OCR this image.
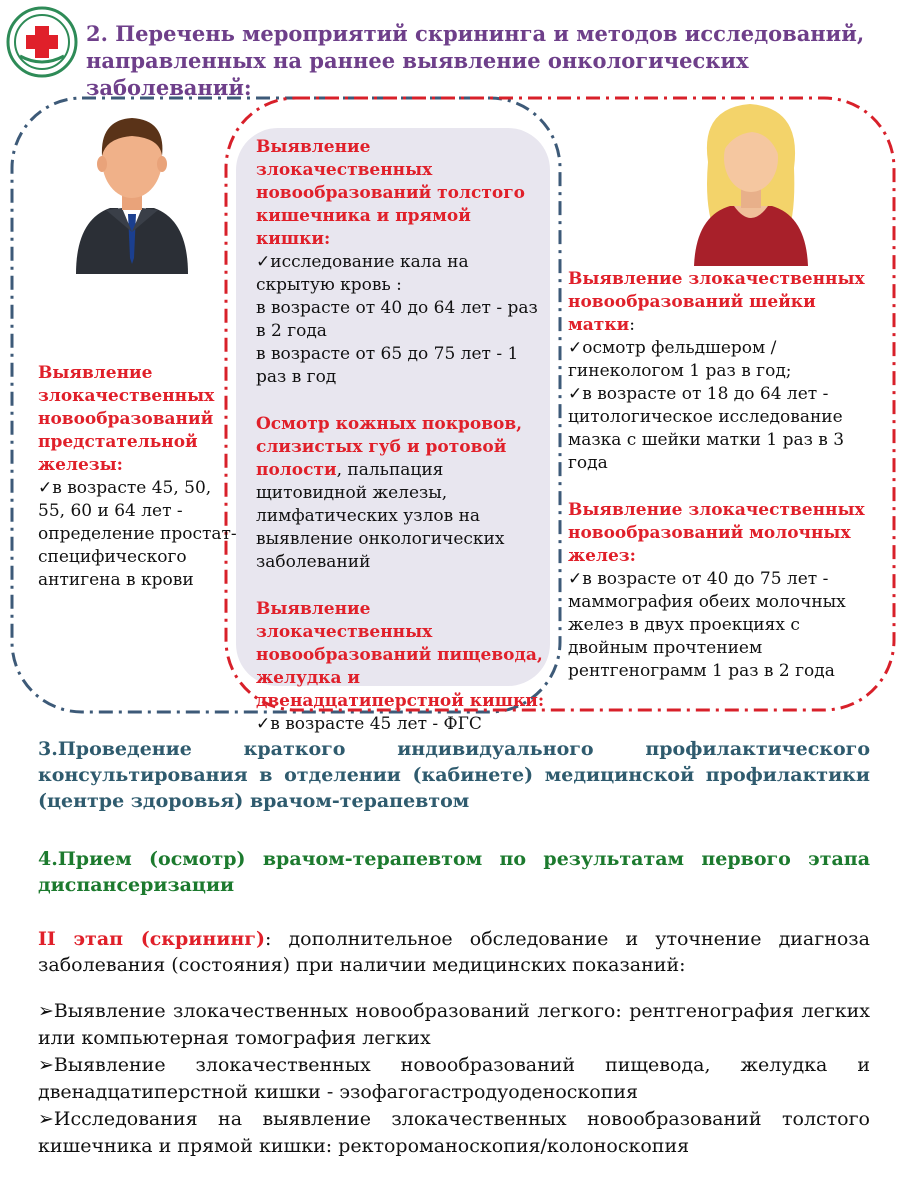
2. Перечень мероприятий скрининга и методов исследований,
направленных на раннее выявление онкологических заболеваний:
Выявление злокачественных новообразований предстательной железы:
✓в возрасте 45, 50, 55, 60 и 64 лет - определение простат-специфического антигена в крови
Выявление злокачественных новообразований толстого кишечника и прямой кишки:
✓исследование кала на скрытую кровь :
в возрасте от 40 до 64 лет - раз в 2 года
в возрасте от 65 до 75 лет - 1 раз в год
Осмотр кожных покровов, слизистых губ и ротовой полости, пальпация щитовидной железы, лимфатических узлов на выявление онкологических заболеваний
Выявление злокачественных новообразований пищевода, желудка и двенадцатиперстной кишки:
✓в возрасте 45 лет - ФГС
Выявление злокачественных новообразований шейки матки:
✓осмотр фельдшером / гинекологом 1 раз в год;
✓в возрасте от 18 до 64 лет - цитологическое исследование мазка с шейки матки 1 раз в 3 года
Выявление злокачественных новообразований молочных желез:
✓в возрасте от 40 до 75 лет - маммография обеих молочных желез в двух проекциях с двойным прочтением рентгенограмм 1 раз в 2 года
3.Проведение краткого индивидуального профилактического консультирования в отделении (кабинете) медицинской профилактики (центре здоровья) врачом-терапевтом
4.Прием (осмотр) врачом-терапевтом по результатам первого этапа диспансеризации
II этап (скрининг): дополнительное обследование и уточнение диагноза заболевания (состояния) при наличии медицинских показаний:

➢Выявление злокачественных новообразований легкого: рентгенография легких или компьютерная томография легких

➢Выявление злокачественных новообразований пищевода, желудка и двенадцатиперстной кишки - эзофагогастродуоденоскопия

➢Исследования на выявление злокачественных новообразований толстого кишечника и прямой кишки: ректороманоскопия/колоноскопия
